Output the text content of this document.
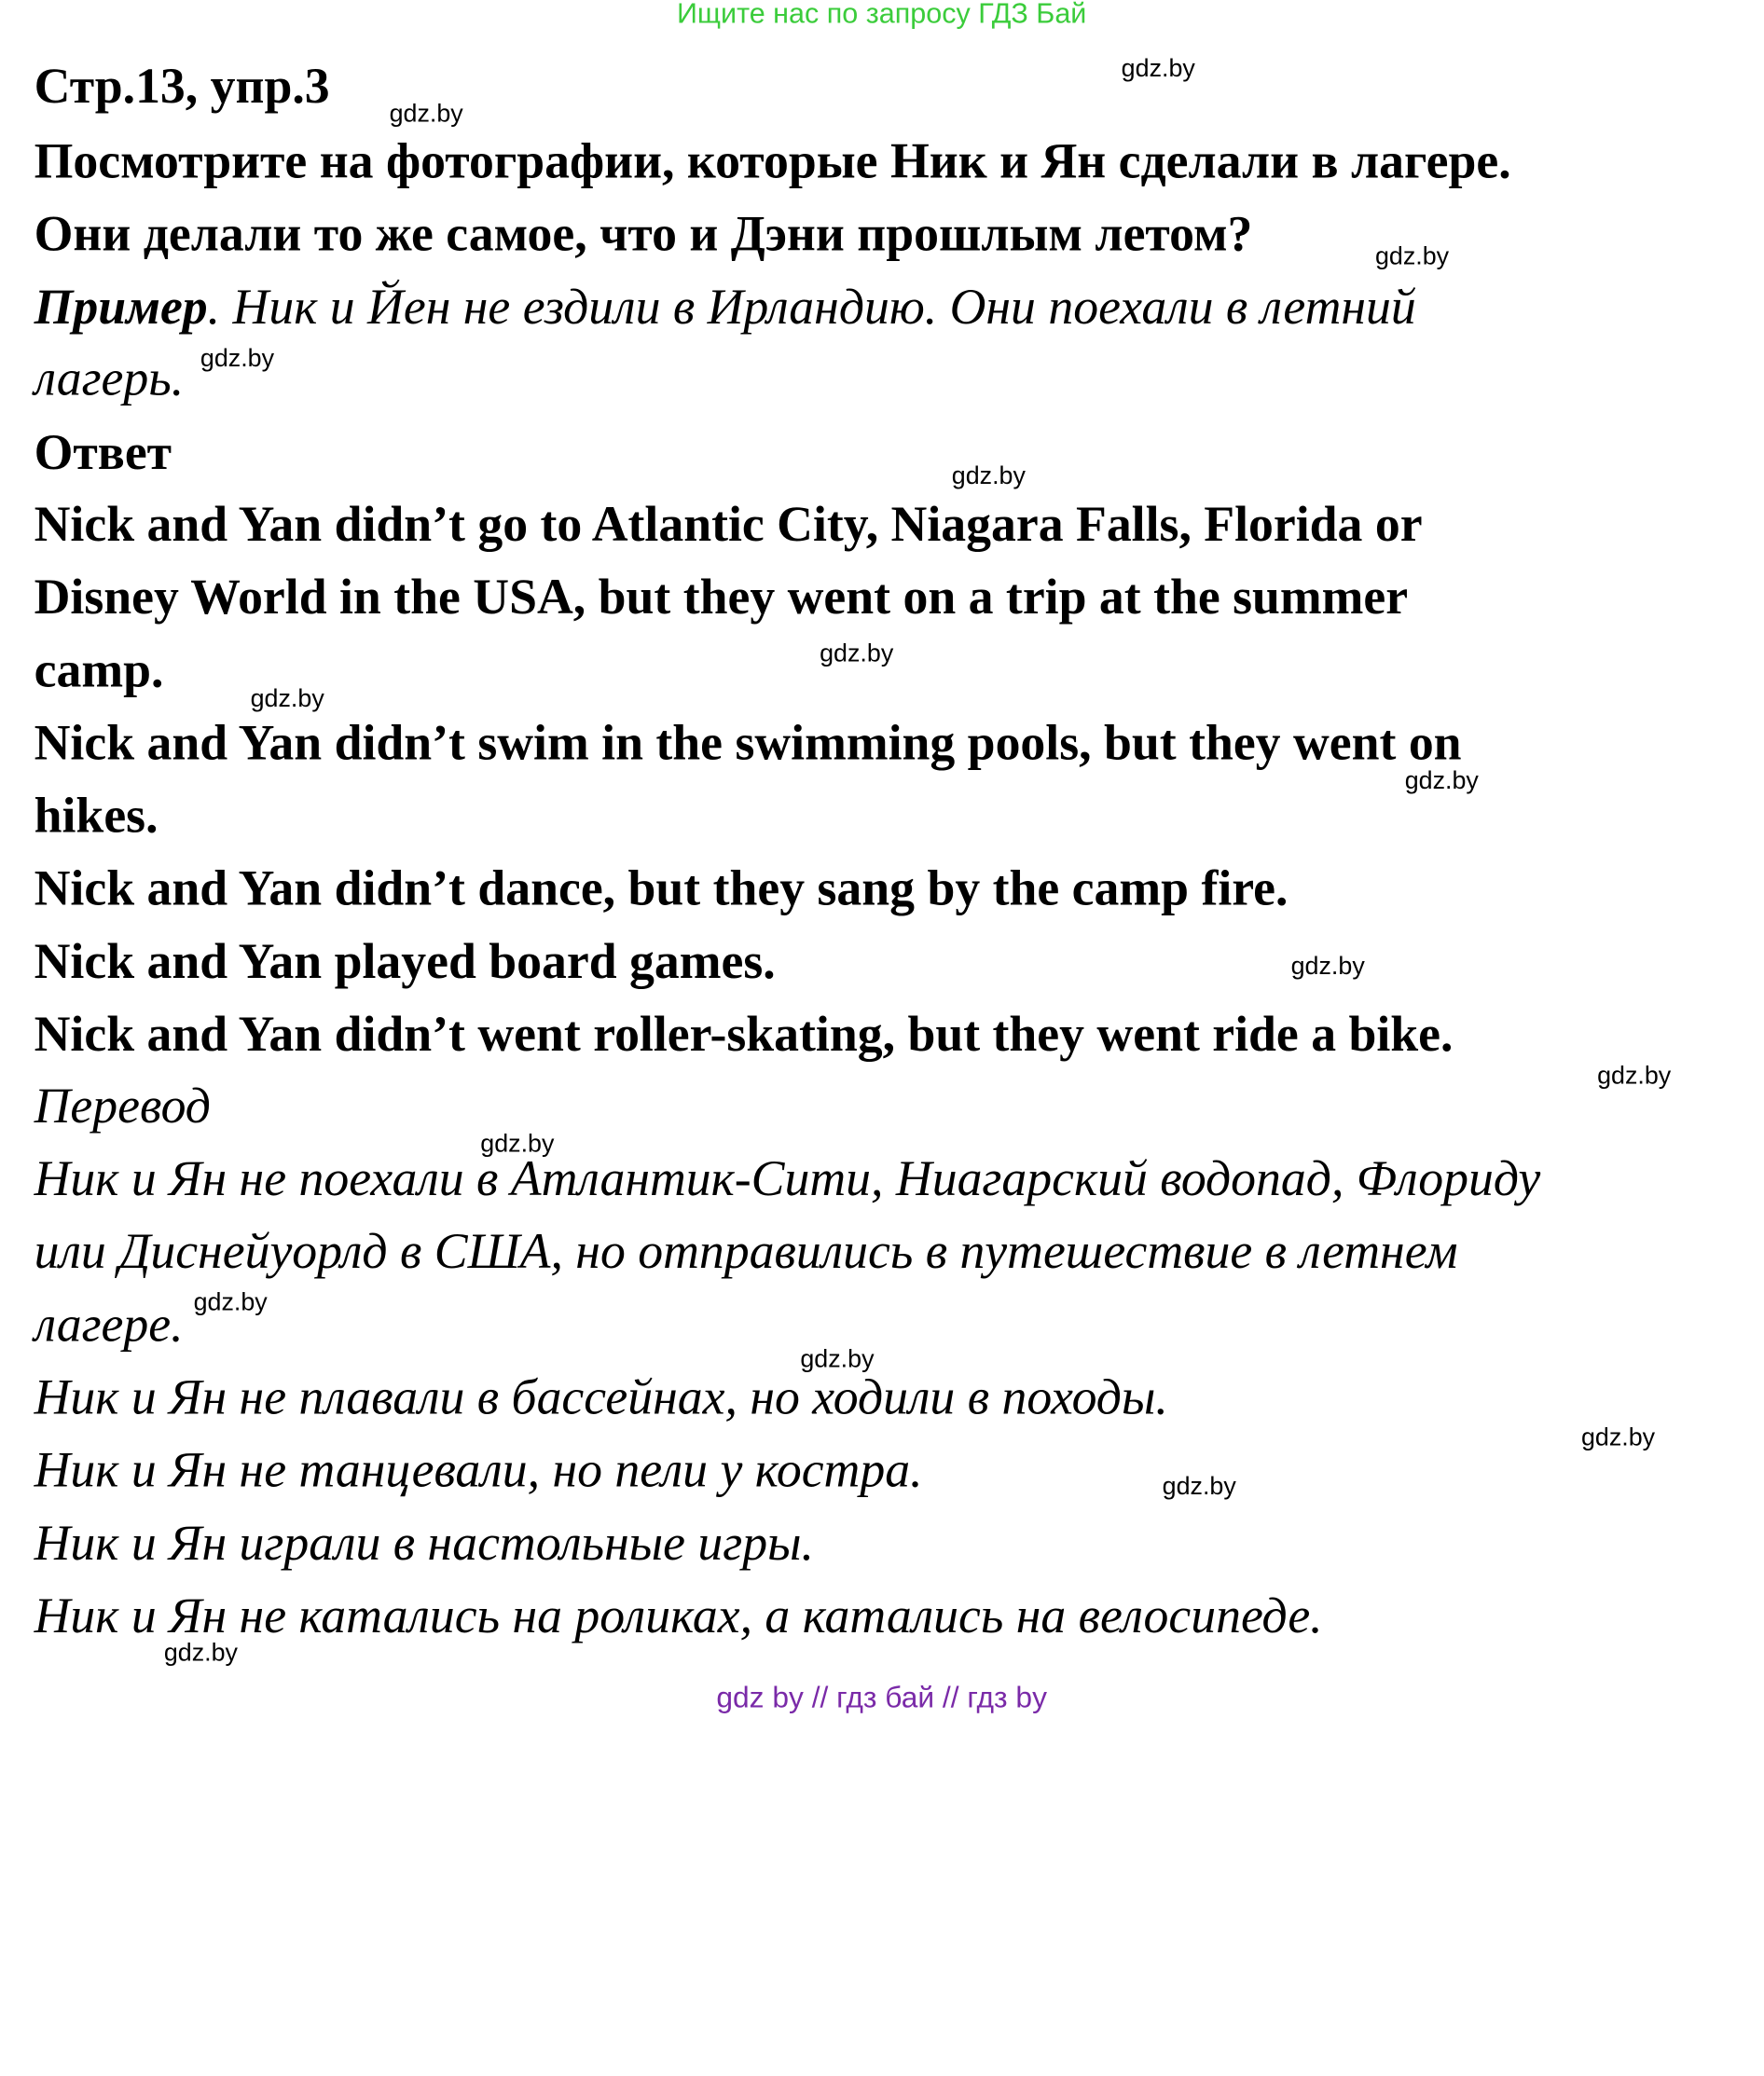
Ищите нас по запросу ГДЗ Бай
Стр.13, упр.3
Посмотрите на фотографии, которые Ник и Ян сделали в лагере.
Они делали то же самое, что и Дэни прошлым летом?
Пример. Ник и Йен не ездили в Ирландию. Они поехали в летний
лагерь.
Ответ
Nick and Yan didn’t go to Atlantic City, Niagara Falls, Florida or
Disney World in the USA, but they went on a trip at the summer
camp.
Nick and Yan didn’t swim in the swimming pools, but they went on
hikes.
Nick and Yan didn’t dance, but they sang by the camp fire.
Nick and Yan played board games.
Nick and Yan didn’t went roller-skating, but they went ride a bike.
Перевод
Ник и Ян не поехали в Атлантик-Сити, Ниагарский водопад, Флориду
или Диснейуорлд в США, но отправились в путешествие в летнем
лагере.
Ник и Ян не плавали в бассейнах, но ходили в походы.
Ник и Ян не танцевали, но пели у костра.
Ник и Ян играли в настольные игры.
Ник и Ян не катались на роликах, а катались на велосипеде.
gdz.by
gdz.by
gdz.by
gdz.by
gdz.by
gdz.by
gdz.by
gdz.by
gdz.by
gdz.by
gdz.by
gdz.by
gdz.by
gdz.by
gdz.by
gdz.by
gdz by // гдз бай // гдз by
